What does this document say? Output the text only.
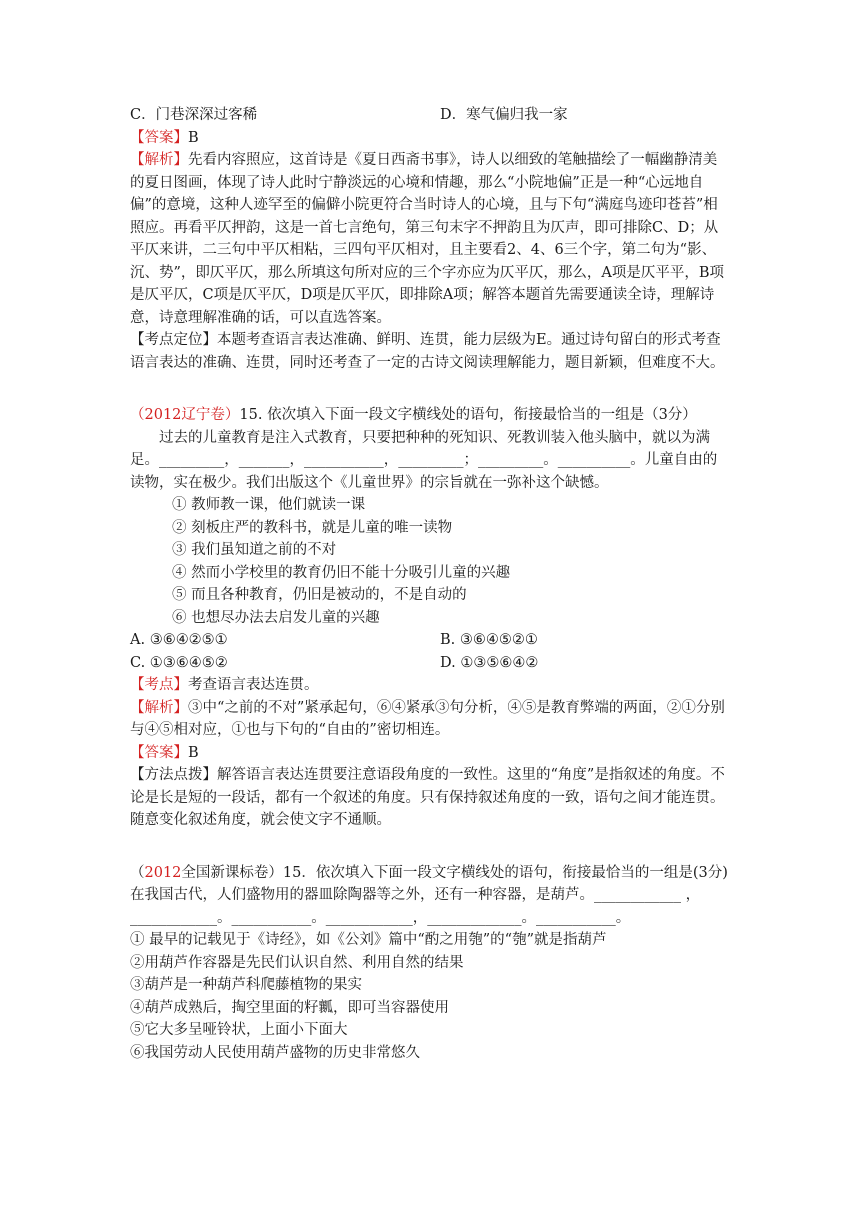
C．门巷深深过客稀	D．寒气偏归我一家

【答案】B

【解析】先看内容照应，这首诗是《夏日西斋书事》，诗人以细致的笔触描绘了一幅幽静清美的夏日图画，体现了诗人此时宁静淡远的心境和情趣，那么“小院地偏”正是一种“心远地自偏”的意境，这种人迹罕至的偏僻小院更符合当时诗人的心境，且与下句“满庭鸟迹印苍苔”相照应。再看平仄押韵，这是一首七言绝句，第三句末字不押韵且为仄声，即可排除C、D；从平仄来讲，二三句中平仄相粘，三四句平仄相对，且主要看2、4、6三个字，第二句为“影、沉、势”，即仄平仄，那么所填这句所对应的三个字亦应为仄平仄，那么，A项是仄平平，B项是仄平仄，C项是仄平仄，D项是仄平仄，即排除A项；解答本题首先需要通读全诗，理解诗意，诗意理解准确的话，可以直选答案。

【考点定位】本题考查语言表达准确、鲜明、连贯，能力层级为E。通过诗句留白的形式考查语言表达的准确、连贯，同时还考查了一定的古诗文阅读理解能力，题目新颖，但难度不大。

（2012辽宁卷）15. 依次填入下面一段文字横线处的语句，衔接最恰当的一组是（3分）

过去的儿童教育是注入式教育，只要把种种的死知识、死教训装入他头脑中，就以为满足。_________，_______，___________，_________；_________。__________。儿童自由的读物，实在极少。我们出版这个《儿童世界》的宗旨就在一弥补这个缺憾。

① 教师教一课，他们就读一课

② 刻板庄严的教科书，就是儿童的唯一读物

③ 我们虽知道之前的不对

④ 然而小学校里的教育仍旧不能十分吸引儿童的兴趣

⑤ 而且各种教育，仍旧是被动的，不是自动的

⑥ 也想尽办法去启发儿童的兴趣

A. ③⑥④②⑤①	B. ③⑥④⑤②①
C. ①③⑥④⑤②	D. ①③⑤⑥④②

【考点】考查语言表达连贯。

【解析】③中“之前的不对”紧承起句，⑥④紧承③句分析，④⑤是教育弊端的两面，②①分别与④⑤相对应，①也与下句的“自由的”密切相连。

【答案】B

【方法点拨】解答语言表达连贯要注意语段角度的一致性。这里的“角度”是指叙述的角度。不论是长是短的一段话，都有一个叙述的角度。只有保持叙述角度的一致，语句之间才能连贯。随意变化叙述角度，就会使文字不通顺。

（2012全国新课标卷）15．依次填入下面一段文字横线处的语句，衔接最恰当的一组是(3分)

在我国古代，人们盛物用的器皿除陶器等之外，还有一种容器，是葫芦。____________ ，____________。___________。____________，_____________。___________。

① 最早的记载见于《诗经》，如《公刘》篇中“酌之用匏”的“匏”就是指葫芦

②用葫芦作容器是先民们认识自然、利用自然的结果

③葫芦是一种葫芦科爬藤植物的果实

④葫芦成熟后，掏空里面的籽瓤，即可当容器使用

⑤它大多呈哑铃状，上面小下面大

⑥我国劳动人民使用葫芦盛物的历史非常悠久
